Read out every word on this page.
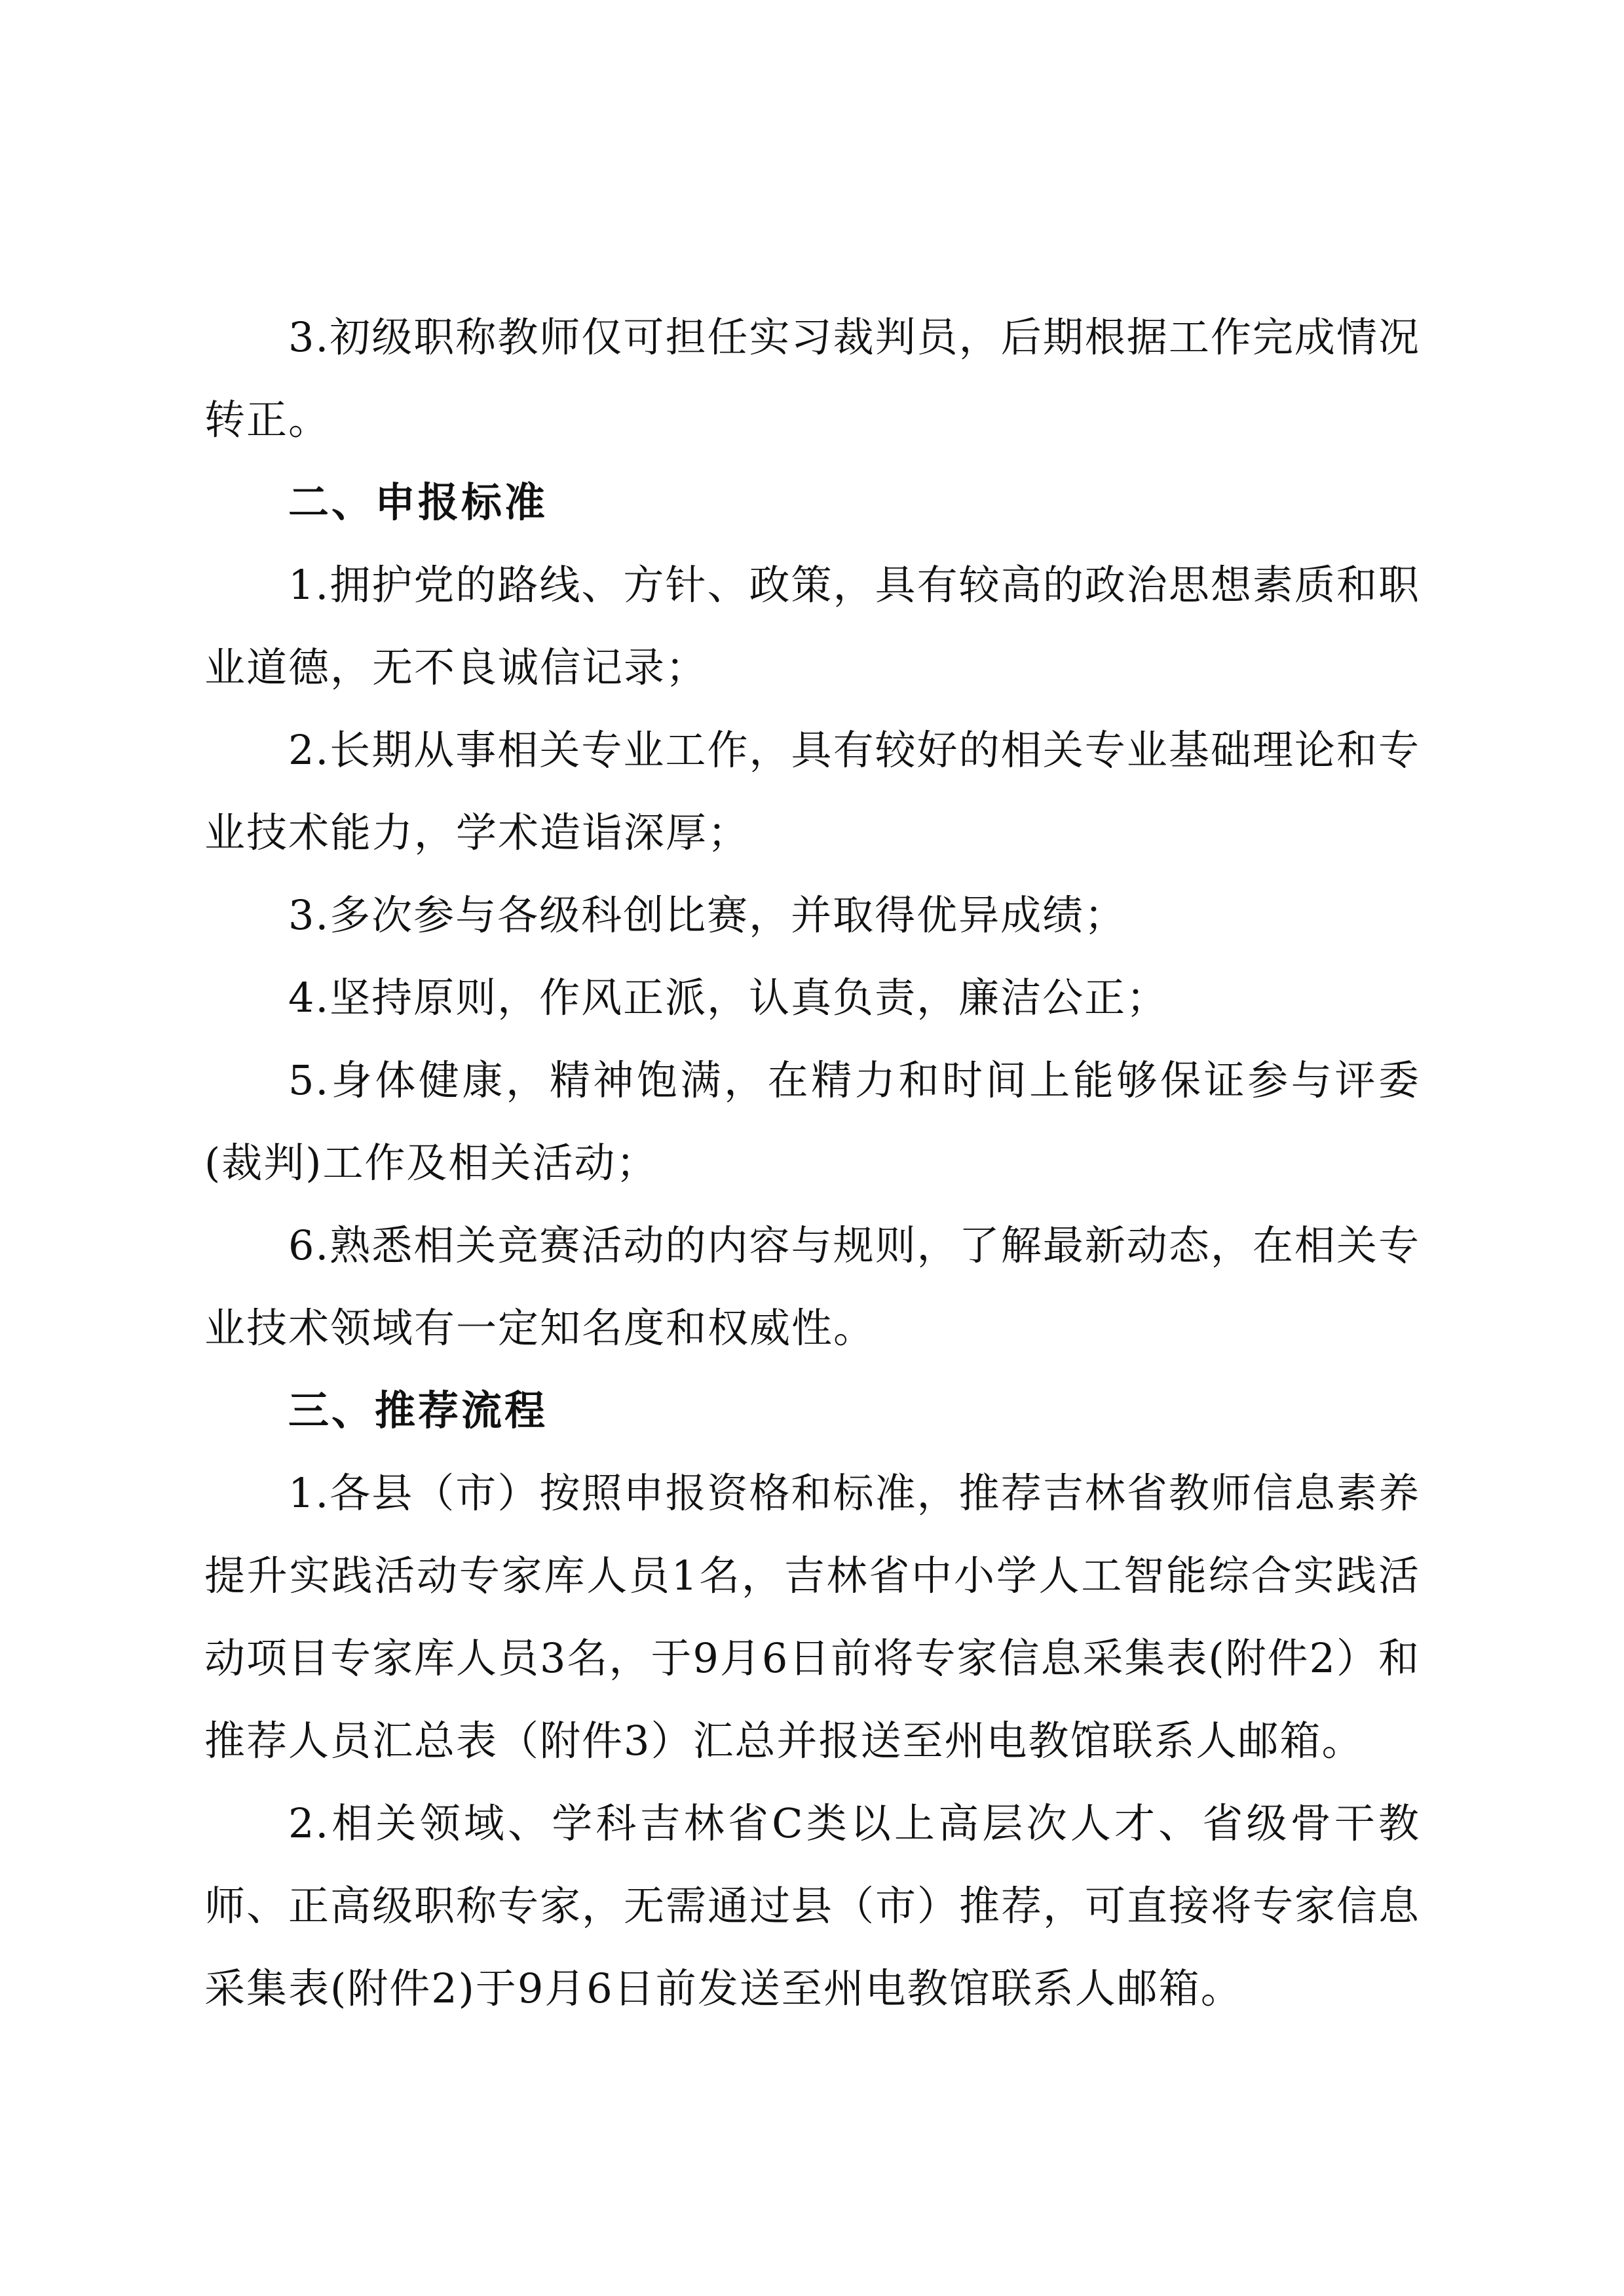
3.初级职称教师仅可担任实习裁判员，后期根据工作完成情况转正。

二、申报标准

1.拥护党的路线、方针、政策，具有较高的政治思想素质和职业道德，无不良诚信记录；

2.长期从事相关专业工作，具有较好的相关专业基础理论和专业技术能力，学术造诣深厚；

3.多次参与各级科创比赛，并取得优异成绩；

4.坚持原则，作风正派，认真负责，廉洁公正；

5.身体健康，精神饱满，在精力和时间上能够保证参与评委(裁判)工作及相关活动；

6.熟悉相关竞赛活动的内容与规则，了解最新动态，在相关专业技术领域有一定知名度和权威性。

三、推荐流程

1.各县（市）按照申报资格和标准，推荐吉林省教师信息素养提升实践活动专家库人员1名，吉林省中小学人工智能综合实践活动项目专家库人员3名，于9月6日前将专家信息采集表(附件2）和推荐人员汇总表（附件3）汇总并报送至州电教馆联系人邮箱。

2.相关领域、学科吉林省C类以上高层次人才、省级骨干教师、正高级职称专家，无需通过县（市）推荐，可直接将专家信息采集表(附件2)于9月6日前发送至州电教馆联系人邮箱。
